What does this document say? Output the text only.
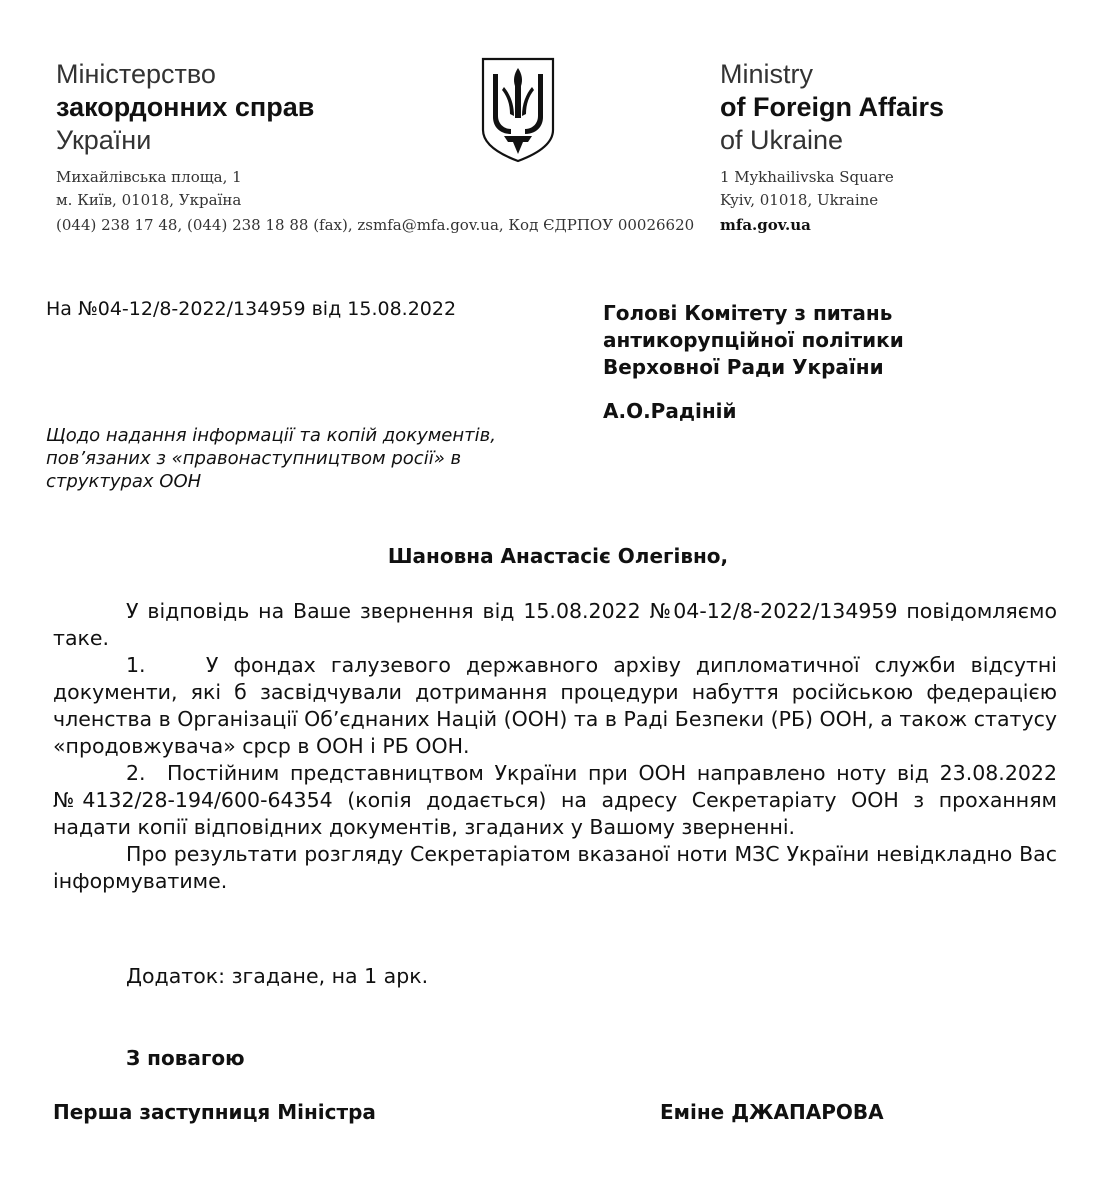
Міністерство
закордонних справ
України
Михайлівська площа, 1
м. Київ, 01018, Україна
(044) 238 17 48, (044) 238 18 88 (fax), zsmfa@mfa.gov.ua, Код ЄДРПОУ 00026620
Ministry
of Foreign Affairs
of Ukraine
1 Mykhailivska Square
Kyiv, 01018, Ukraine
mfa.gov.ua
На №04-12/8-2022/134959 від 15.08.2022	Голові Комітету з питань
антикорупційної політики
Верховної Ради України
А.О.Радіній
Щодо надання інформації та копій документів,
пов’язаних з «правонаступництвом росії» в
структурах ООН
Шановна Анастасіє Олегівно,

У відповідь на Ваше звернення від 15.08.2022 №04-12/8-2022/134959 повідомляємо таке.

1.	У фондах галузевого державного архіву дипломатичної служби відсутні документи, які б засвідчували дотримання процедури набуття російською федерацією членства в Організації Об’єднаних Націй (ООН) та в Раді Безпеки (РБ) ООН, а також статусу «продовжувача» срср в ООН і РБ ООН.

2. Постійним представництвом України при ООН направлено ноту від 23.08.2022 №4132/28-194/600-64354 (копія додається) на адресу Секретаріату ООН з проханням надати копії відповідних документів, згаданих у Вашому зверненні.

Про результати розгляду Секретаріатом вказаної ноти МЗС України невідкладно Вас інформуватиме.

Додаток: згадане, на 1 арк.
З повагою
Перша заступниця Міністра	Еміне ДЖАПАРОВА
